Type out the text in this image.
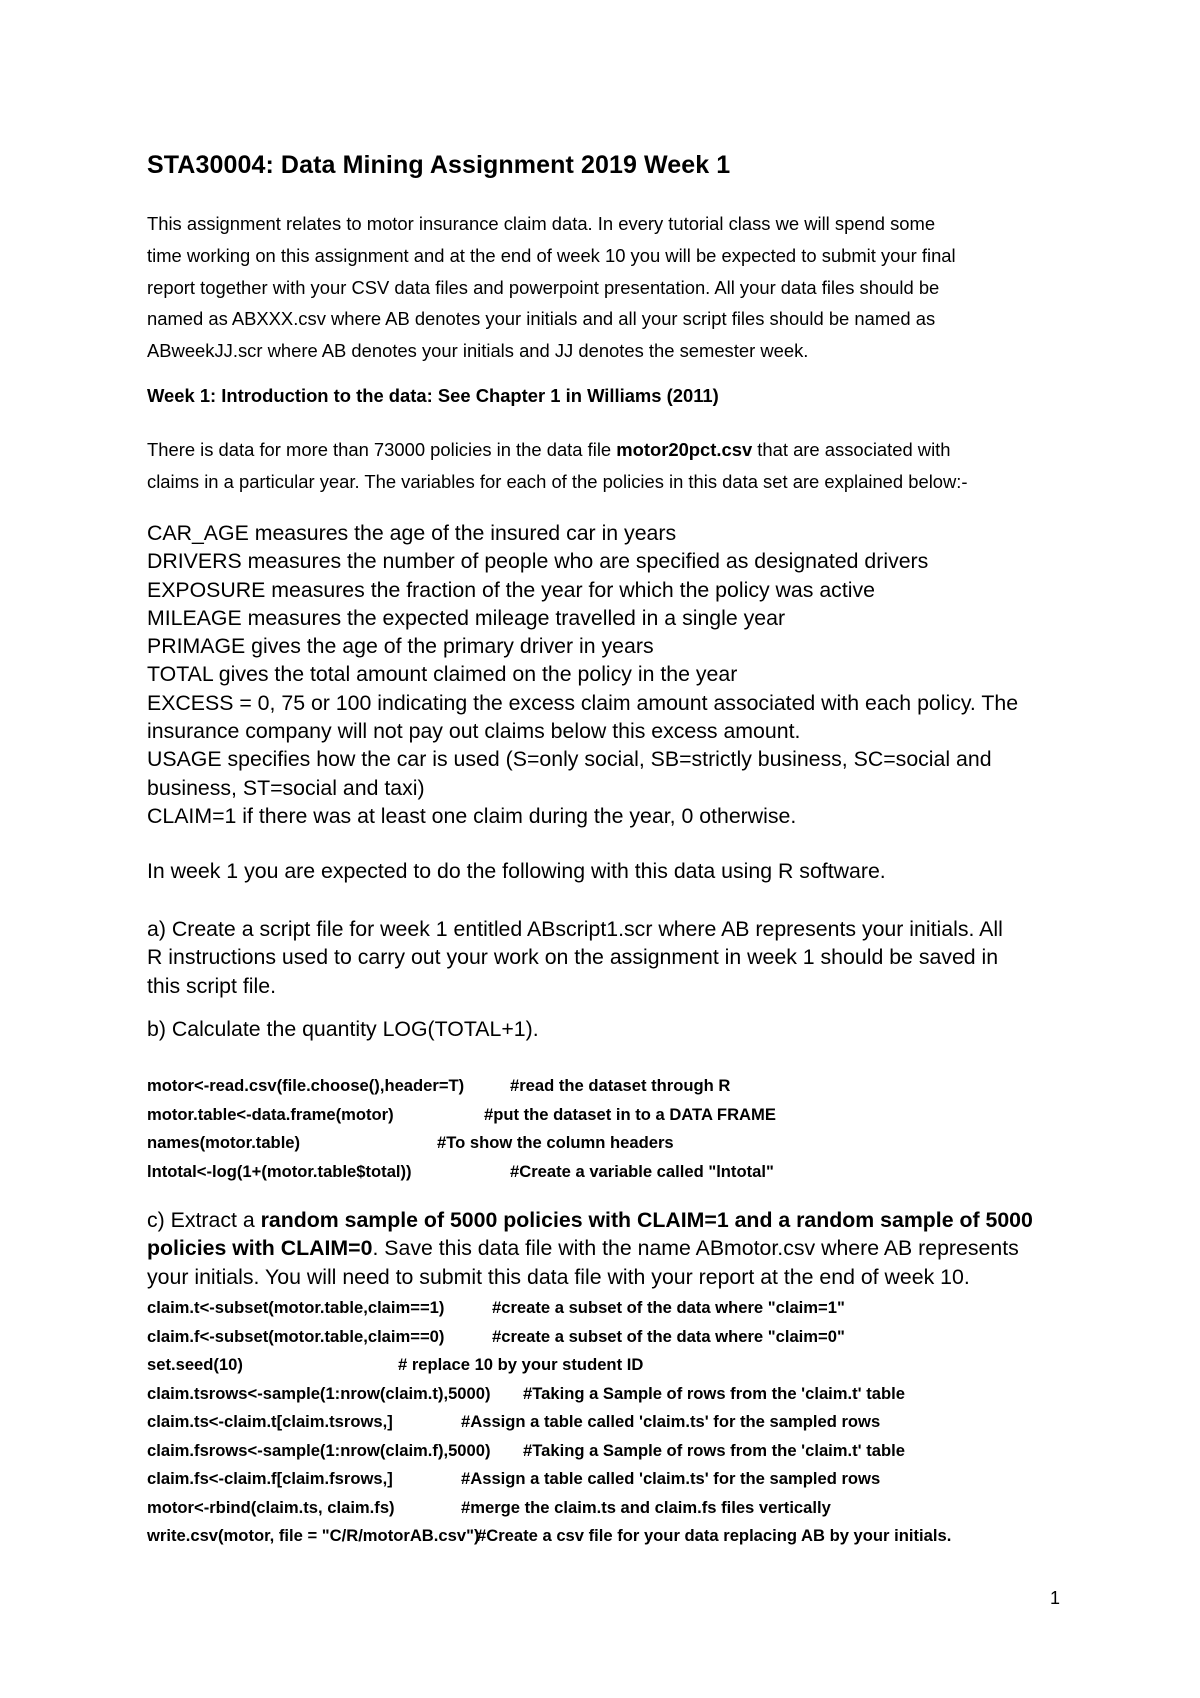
STA30004: Data Mining Assignment 2019 Week 1
This assignment relates to motor insurance claim data. In every tutorial class we will spend some
time working on this assignment and at the end of week 10 you will be expected to submit your final
report together with your CSV data files and powerpoint presentation. All your data files should be
named as ABXXX.csv where AB denotes your initials and all your script files should be named as
ABweekJJ.scr where AB denotes your initials and JJ denotes the semester week.
Week 1: Introduction to the data: See Chapter 1 in Williams (2011)
There is data for more than 73000 policies in the data file motor20pct.csv that are associated with
claims in a particular year. The variables for each of the policies in this data set are explained below:-
CAR_AGE measures the age of the insured car in years
DRIVERS measures the number of people who are specified as designated drivers
EXPOSURE measures the fraction of the year for which the policy was active
MILEAGE measures the expected mileage travelled in a single year
PRIMAGE gives the age of the primary driver in years
TOTAL gives the total amount claimed on the policy in the year
EXCESS = 0, 75 or 100 indicating the excess claim amount associated with each policy. The
insurance company will not pay out claims below this excess amount.
USAGE specifies how the car is used (S=only social, SB=strictly business, SC=social and
business, ST=social and taxi)
CLAIM=1 if there was at least one claim during the year, 0 otherwise.
In week 1 you are expected to do the following with this data using R software.
a) Create a script file for week 1 entitled ABscript1.scr where AB represents your initials. All
R instructions used to carry out your work on the assignment in week 1 should be saved in
this script file.
b) Calculate the quantity LOG(TOTAL+1).
motor<-read.csv(file.choose(),header=T)	#read the dataset through R
motor.table<-data.frame(motor)	#put the dataset in to a DATA FRAME
names(motor.table)	#To show the column headers
lntotal<-log(1+(motor.table$total))	#Create a variable called "lntotal"
c) Extract a random sample of 5000 policies with CLAIM=1 and a random sample of 5000
policies with CLAIM=0. Save this data file with the name ABmotor.csv where AB represents
your initials. You will need to submit this data file with your report at the end of week 10.
claim.t<-subset(motor.table,claim==1)	#create a subset of the data where "claim=1"
claim.f<-subset(motor.table,claim==0)	#create a subset of the data where "claim=0"
set.seed(10)	# replace 10 by your student ID
claim.tsrows<-sample(1:nrow(claim.t),5000) #Taking a Sample of rows from the 'claim.t' table
claim.ts<-claim.t[claim.tsrows,]	#Assign a table called 'claim.ts' for the sampled rows
claim.fsrows<-sample(1:nrow(claim.f),5000) #Taking a Sample of rows from the 'claim.t' table
claim.fs<-claim.f[claim.fsrows,]	#Assign a table called 'claim.ts' for the sampled rows
motor<-rbind(claim.ts, claim.fs)	#merge the claim.ts and claim.fs files vertically
write.csv(motor, file = "C/R/motorAB.csv")
#Create a csv file for your data replacing AB by your initials.
1
